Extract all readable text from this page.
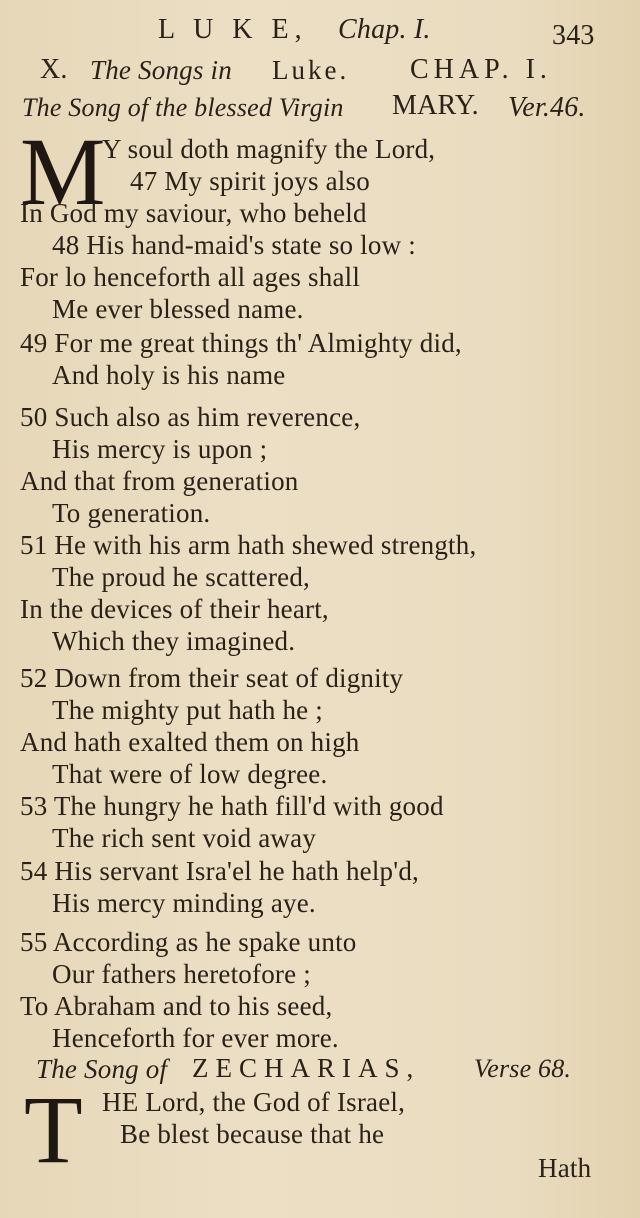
L U K E, Chap. I.	343
X. The Songs in Luke. CHAP. I.
The Song of the blessed Virgin MARY. Ver.46.
M
Y soul doth magnify the Lord,
47 My spirit joys also
In God my saviour, who beheld
48 His hand-maid's state so low :
For lo henceforth all ages shall
Me ever blessed name.
49 For me great things th' Almighty did,
And holy is his name
50 Such also as him reverence,
His mercy is upon ;
And that from generation
To generation.
51 He with his arm hath shewed strength,
The proud he scattered,
In the devices of their heart,
Which they imagined.
52 Down from their seat of dignity
The mighty put hath he ;
And hath exalted them on high
That were of low degree.
53 The hungry he hath fill'd with good
The rich sent void away
54 His servant Isra'el he hath help'd,
His mercy minding aye.
55 According as he spake unto
Our fathers heretofore ;
To Abraham and to his seed,
Henceforth for ever more.
The Song of ZECHARIAS, Verse 68.
T HE Lord, the God of Israel,
Be blest because that he
Hath
